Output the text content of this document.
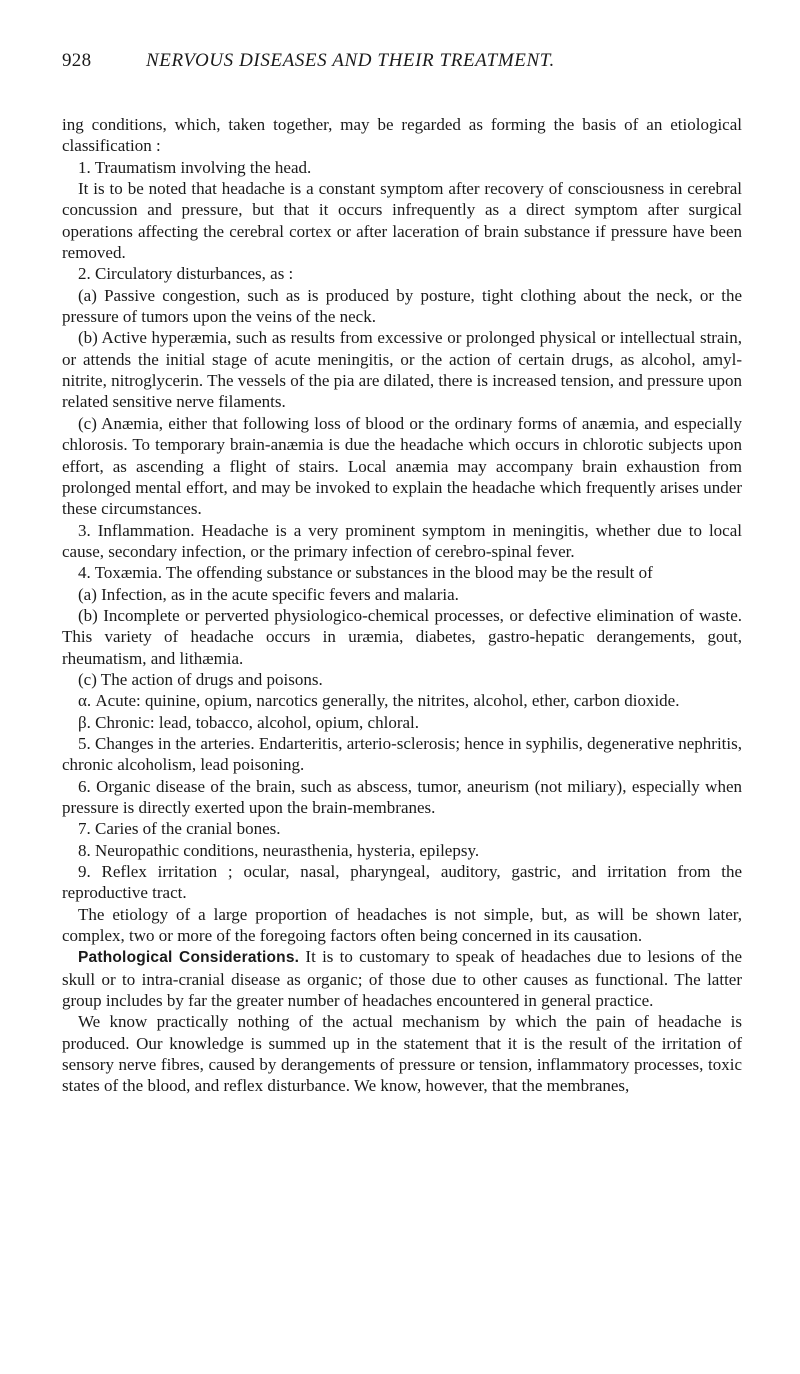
928	NERVOUS DISEASES AND THEIR TREATMENT.

ing conditions, which, taken together, may be regarded as forming the basis of an etiological classification :

1. Traumatism involving the head.

It is to be noted that headache is a constant symptom after recovery of consciousness in cerebral concussion and pressure, but that it occurs infrequently as a direct symptom after surgical operations affecting the cerebral cortex or after laceration of brain substance if pressure have been removed.

2. Circulatory disturbances, as :

(a) Passive congestion, such as is produced by posture, tight clothing about the neck, or the pressure of tumors upon the veins of the neck.

(b) Active hyperæmia, such as results from excessive or prolonged physical or intellectual strain, or attends the initial stage of acute meningitis, or the action of certain drugs, as alcohol, amyl-nitrite, nitroglycerin. The vessels of the pia are dilated, there is increased tension, and pressure upon related sensitive nerve filaments.

(c) Anæmia, either that following loss of blood or the ordinary forms of anæmia, and especially chlorosis. To temporary brain-anæmia is due the headache which occurs in chlorotic subjects upon effort, as ascending a flight of stairs. Local anæmia may accompany brain exhaustion from prolonged mental effort, and may be invoked to explain the headache which frequently arises under these circumstances.

3. Inflammation. Headache is a very prominent symptom in meningitis, whether due to local cause, secondary infection, or the primary infection of cerebro-spinal fever.

4. Toxæmia. The offending substance or substances in the blood may be the result of

(a) Infection, as in the acute specific fevers and malaria.

(b) Incomplete or perverted physiologico-chemical processes, or defective elimination of waste. This variety of headache occurs in uræmia, diabetes, gastro-hepatic derangements, gout, rheumatism, and lithæmia.

(c) The action of drugs and poisons.

α. Acute: quinine, opium, narcotics generally, the nitrites, alcohol, ether, carbon dioxide.

β. Chronic: lead, tobacco, alcohol, opium, chloral.

5. Changes in the arteries. Endarteritis, arterio-sclerosis; hence in syphilis, degenerative nephritis, chronic alcoholism, lead poisoning.

6. Organic disease of the brain, such as abscess, tumor, aneurism (not miliary), especially when pressure is directly exerted upon the brain-membranes.

7. Caries of the cranial bones.

8. Neuropathic conditions, neurasthenia, hysteria, epilepsy.

9. Reflex irritation ; ocular, nasal, pharyngeal, auditory, gastric, and irritation from the reproductive tract.

The etiology of a large proportion of headaches is not simple, but, as will be shown later, complex, two or more of the foregoing factors often being concerned in its causation.

Pathological Considerations. It is to customary to speak of headaches due to lesions of the skull or to intra-cranial disease as organic; of those due to other causes as functional. The latter group includes by far the greater number of headaches encountered in general practice.

We know practically nothing of the actual mechanism by which the pain of headache is produced. Our knowledge is summed up in the statement that it is the result of the irritation of sensory nerve fibres, caused by derangements of pressure or tension, inflammatory processes, toxic states of the blood, and reflex disturbance. We know, however, that the membranes,
